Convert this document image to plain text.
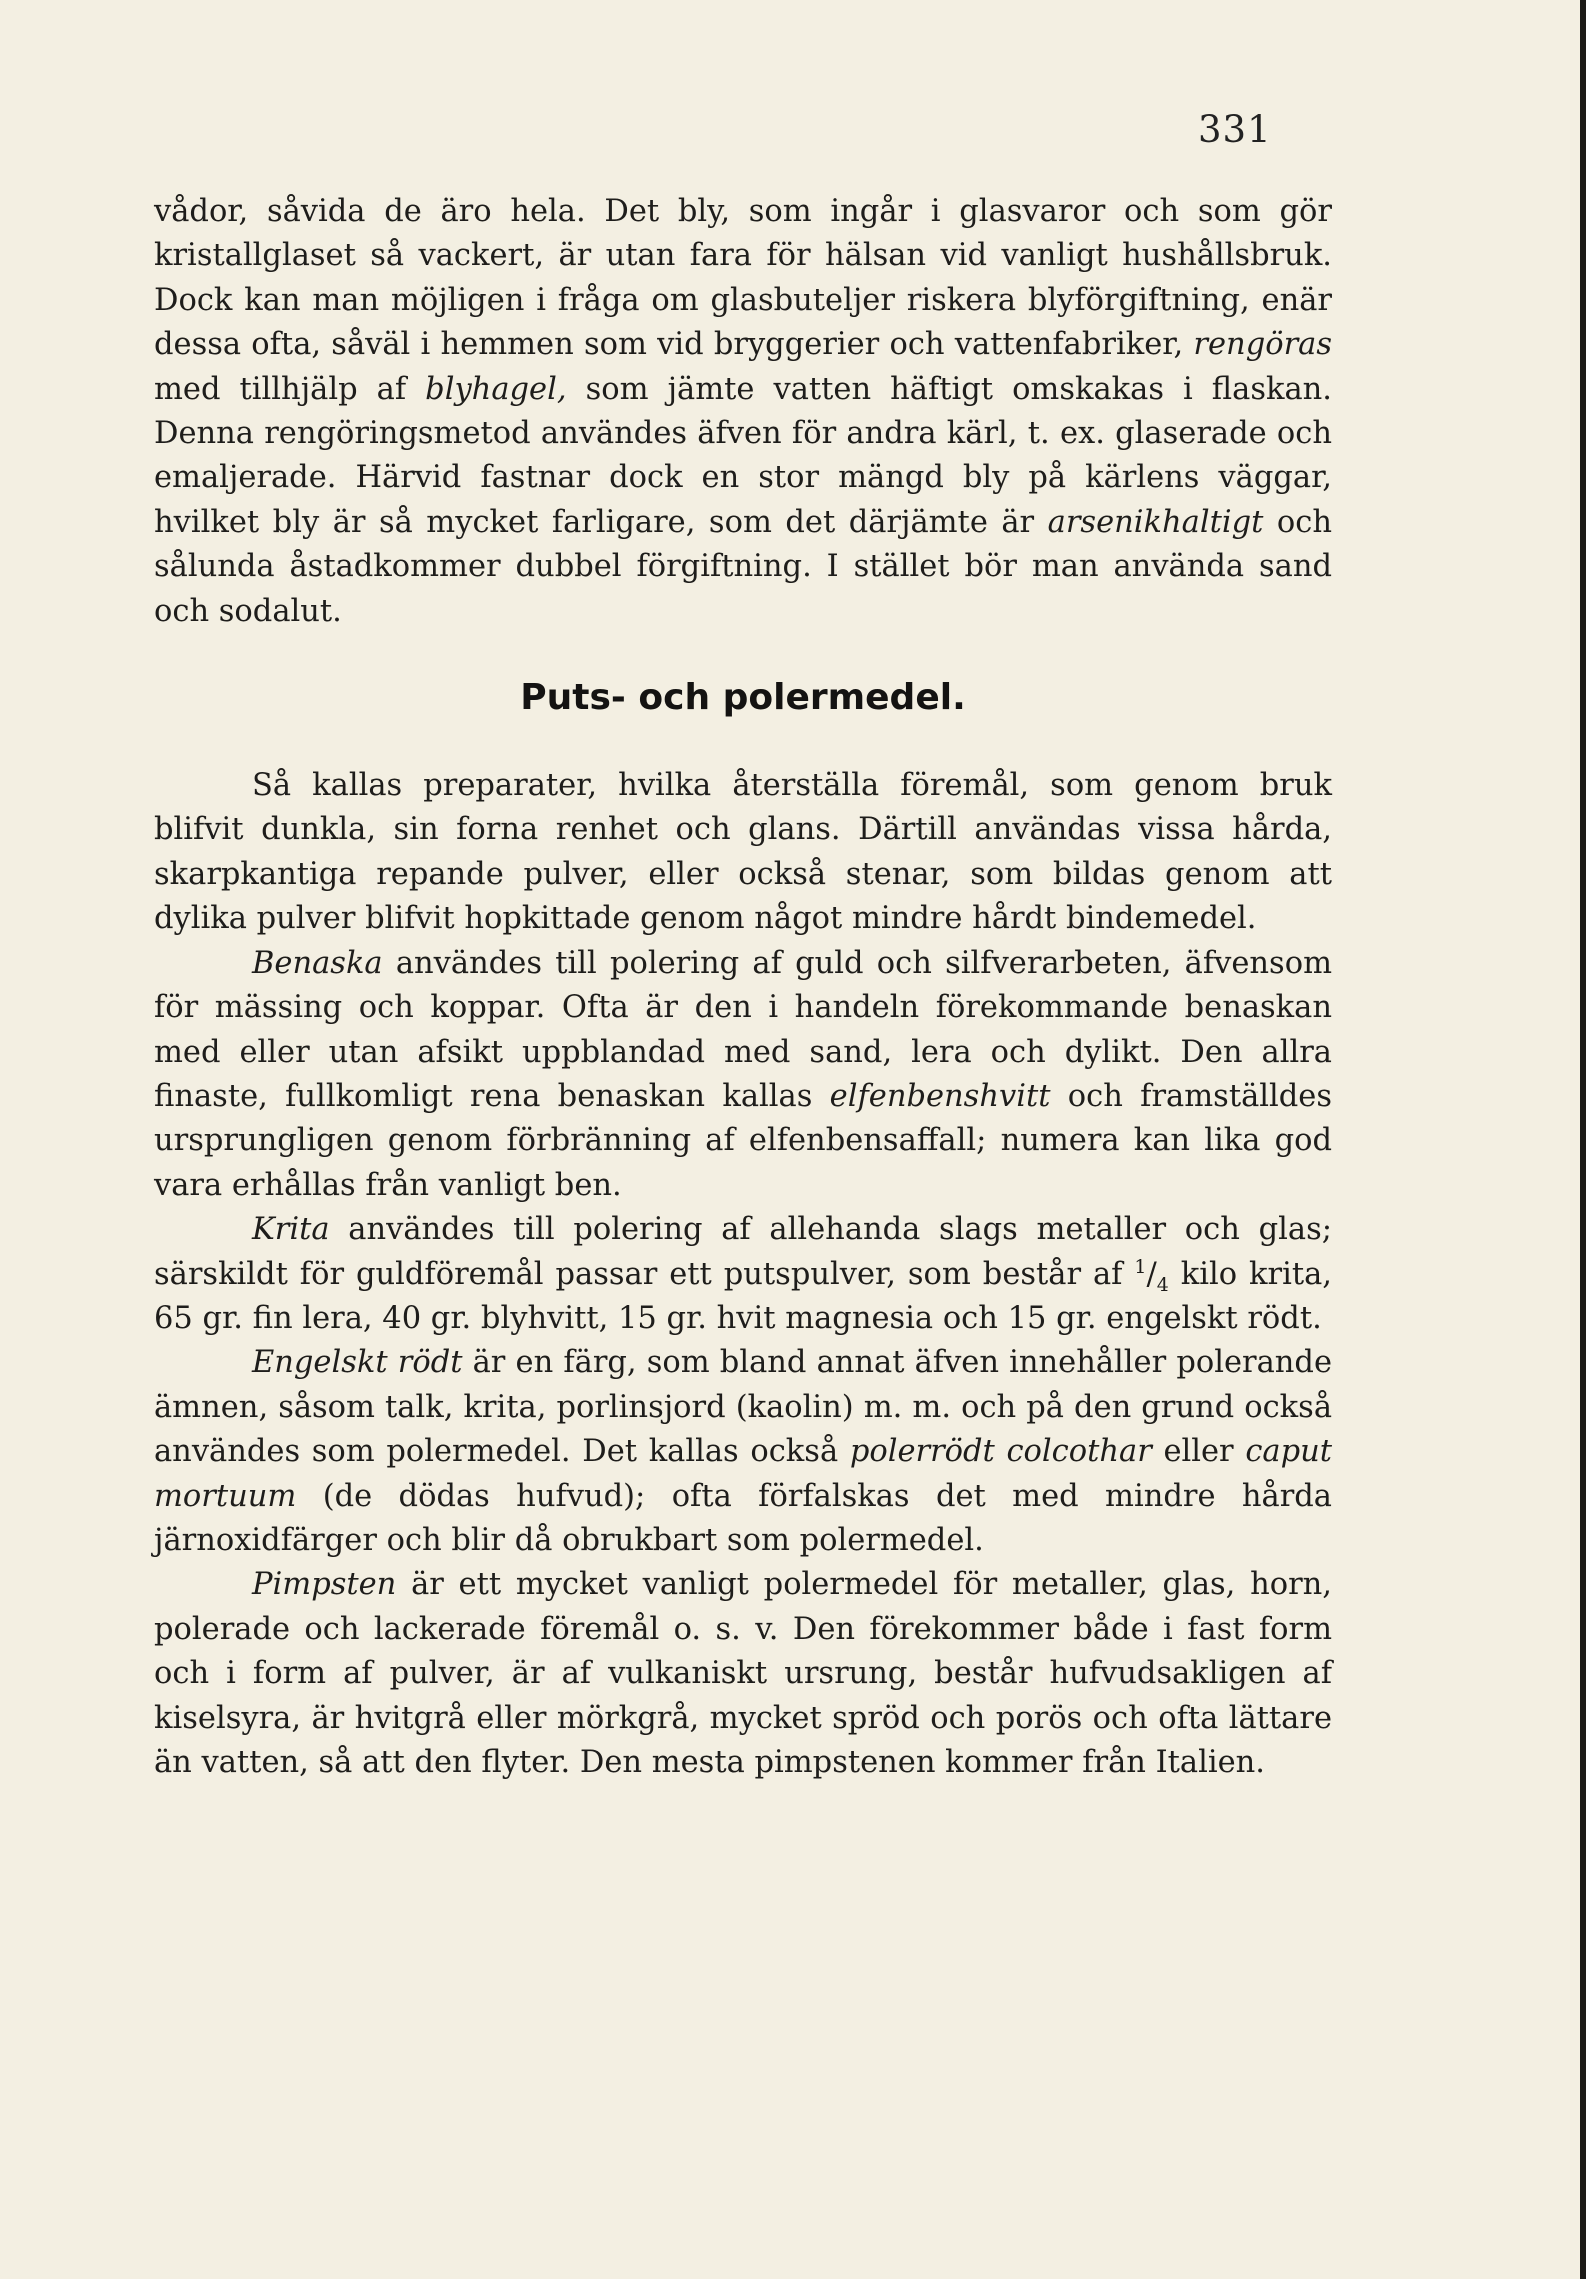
331

vådor, såvida de äro hela. Det bly, som ingår i glasvaror och som gör kristallglaset så vackert, är utan fara för hälsan vid vanligt hushållsbruk. Dock kan man möjligen i fråga om glasbuteljer riskera blyförgiftning, enär dessa ofta, såväl i hemmen som vid bryggerier och vattenfabriker, rengöras med tillhjälp af blyhagel, som jämte vatten häftigt omskakas i flaskan. Denna rengöringsmetod användes äfven för andra kärl, t. ex. glaserade och emaljerade. Härvid fastnar dock en stor mängd bly på kärlens väggar, hvilket bly är så mycket farligare, som det därjämte är arsenikhaltigt och sålunda åstadkommer dubbel förgiftning. I stället bör man använda sand och sodalut.

Puts- och polermedel.

Så kallas preparater, hvilka återställa föremål, som genom bruk blifvit dunkla, sin forna renhet och glans. Därtill användas vissa hårda, skarpkantiga repande pulver, eller också stenar, som bildas genom att dylika pulver blifvit hopkittade genom något mindre hårdt bindemedel.

Benaska användes till polering af guld och silfverarbeten, äfvensom för mässing och koppar. Ofta är den i handeln förekommande benaskan med eller utan afsikt uppblandad med sand, lera och dylikt. Den allra finaste, fullkomligt rena benaskan kallas elfenbenshvitt och framställdes ursprungligen genom förbränning af elfenbensaffall; numera kan lika god vara erhållas från vanligt ben.

Krita användes till polering af allehanda slags metaller och glas; särskildt för guldföremål passar ett putspulver, som består af $^1/_4$ kilo krita, 65 gr. fin lera, 40 gr. blyhvitt, 15 gr. hvit magnesia och 15 gr. engelskt rödt.

Engelskt rödt är en färg, som bland annat äfven innehåller polerande ämnen, såsom talk, krita, porlinsjord (kaolin) m. m. och på den grund också användes som polermedel. Det kallas också polerrödt colcothar eller caput mortuum (de dödas hufvud); ofta förfalskas det med mindre hårda järnoxidfärger och blir då obrukbart som polermedel.

Pimpsten är ett mycket vanligt polermedel för metaller, glas, horn, polerade och lackerade föremål o. s. v. Den förekommer både i fast form och i form af pulver, är af vulkaniskt ursrung, består hufvudsakligen af kiselsyra, är hvitgrå eller mörkgrå, mycket spröd och porös och ofta lättare än vatten, så att den flyter. Den mesta pimpstenen kommer från Italien.
